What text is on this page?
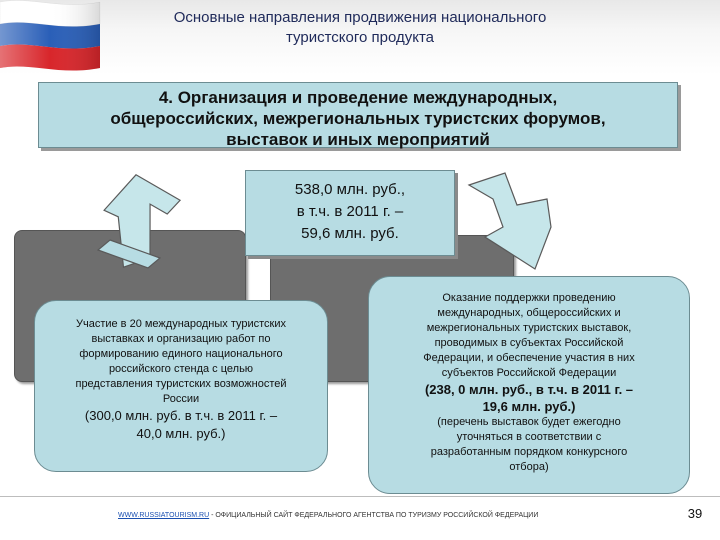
Основные направления продвижения национального
туристского продукта
4. Организация и проведение международных,
общероссийских, межрегиональных туристских форумов,
выставок и иных мероприятий
538,0 млн. руб.,
в т.ч. в 2011 г. –
59,6 млн. руб.
Участие в 20 международных туристских
выставках и организацию работ по
формированию единого национального
российского стенда с целью
представления туристских возможностей
России
(300,0 млн. руб. в т.ч. в 2011 г. –
40,0 млн. руб.)
Оказание поддержки проведению
международных, общероссийских и
межрегиональных туристских выставок,
проводимых в субъектах Российской
Федерации, и обеспечение участия в них
субъектов Российской Федерации
(238, 0 млн. руб., в т.ч. в 2011 г. –
19,6 млн. руб.)
(перечень выставок будет ежегодно
уточняться в соответствии с
разработанным порядком конкурсного
отбора)
WWW.RUSSIATOURISM.RU - ОФИЦИАЛЬНЫЙ САЙТ ФЕДЕРАЛЬНОГО АГЕНТСТВА ПО ТУРИЗМУ РОССИЙСКОЙ ФЕДЕРАЦИИ	39
